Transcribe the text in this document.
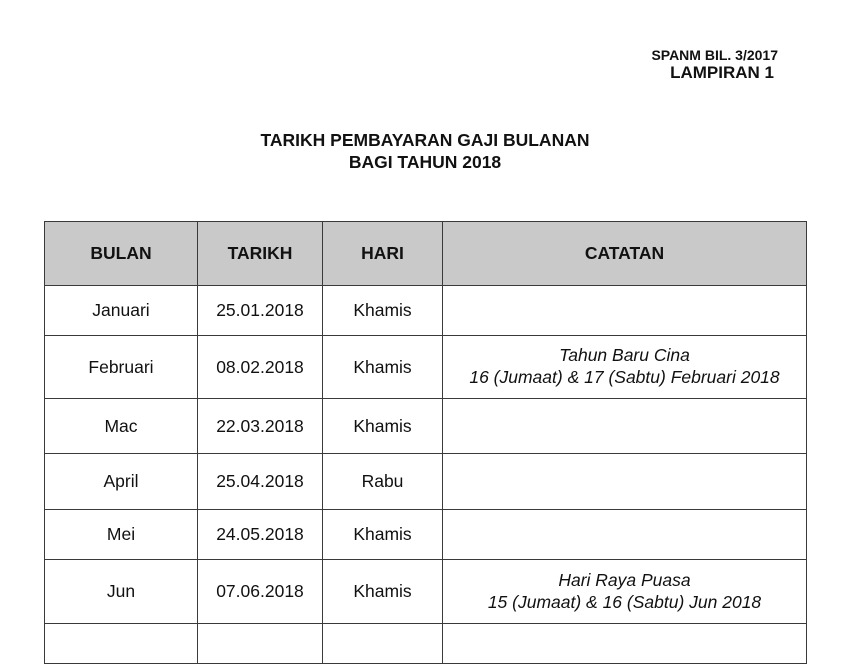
SPANM BIL. 3/2017
LAMPIRAN 1
TARIKH PEMBAYARAN GAJI BULANAN
BAGI TAHUN 2018
BULAN	TARIKH	HARI	CATATAN
Januari	25.01.2018	Khamis	

Februari	08.02.2018	Khamis	Tahun Baru Cina
16 (Jumaat) & 17 (Sabtu) Februari 2018

Mac	22.03.2018	Khamis	

April	25.04.2018	Rabu	

Mei	24.05.2018	Khamis	

Jun	07.06.2018	Khamis	Hari Raya Puasa
15 (Jumaat) & 16 (Sabtu) Jun 2018
